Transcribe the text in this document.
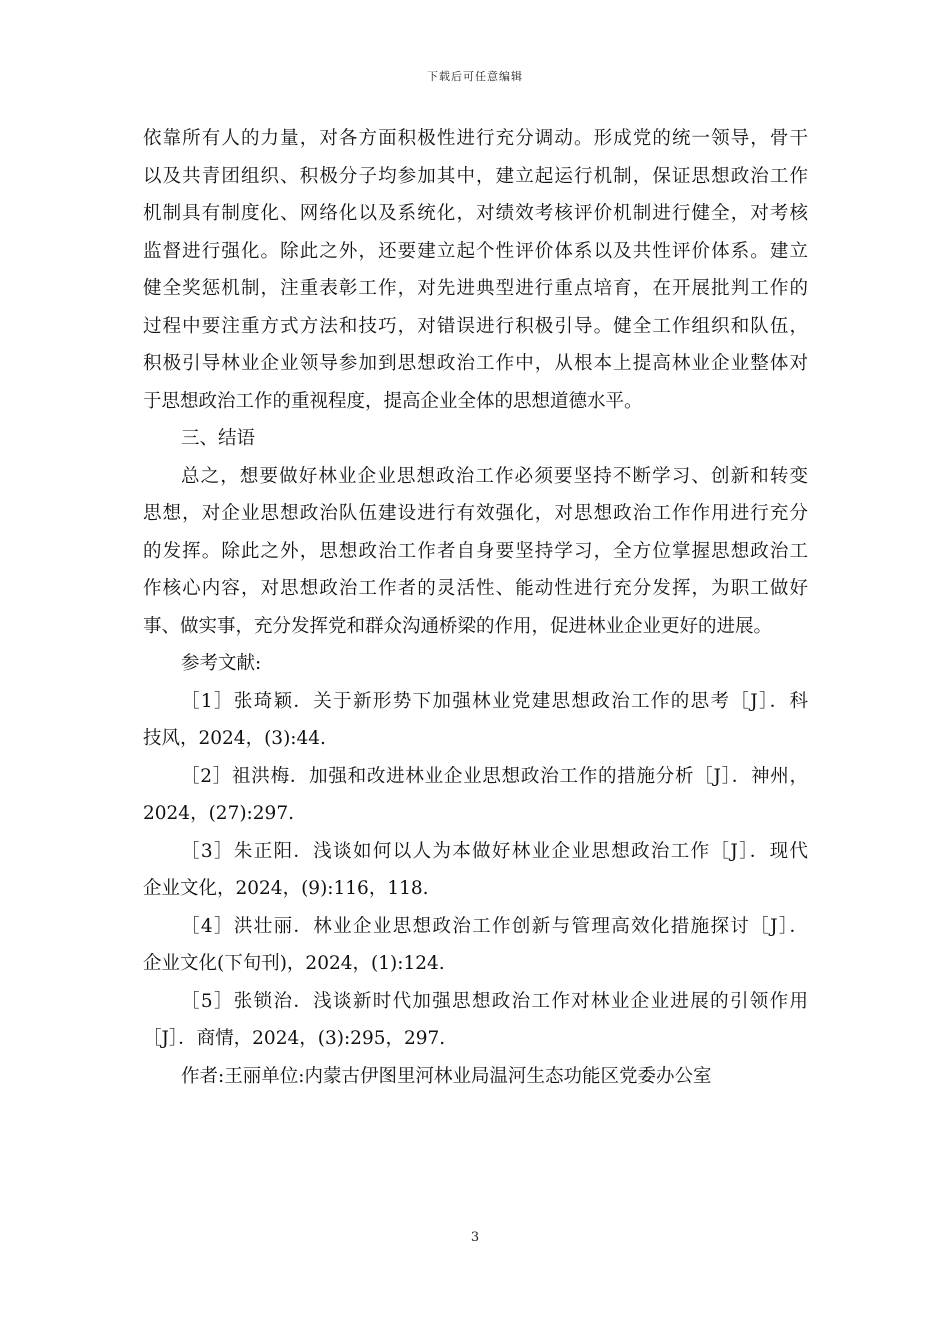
下载后可任意编辑
依靠所有人的力量，对各方面积极性进行充分调动。形成党的统一领导，骨干
以及共青团组织、积极分子均参加其中，建立起运行机制，保证思想政治工作
机制具有制度化、网络化以及系统化，对绩效考核评价机制进行健全，对考核
监督进行强化。除此之外，还要建立起个性评价体系以及共性评价体系。建立
健全奖惩机制，注重表彰工作，对先进典型进行重点培育，在开展批判工作的
过程中要注重方式方法和技巧，对错误进行积极引导。健全工作组织和队伍，
积极引导林业企业领导参加到思想政治工作中，从根本上提高林业企业整体对
于思想政治工作的重视程度，提高企业全体的思想道德水平。
三、结语
总之，想要做好林业企业思想政治工作必须要坚持不断学习、创新和转变
思想，对企业思想政治队伍建设进行有效强化，对思想政治工作作用进行充分
的发挥。除此之外，思想政治工作者自身要坚持学习，全方位掌握思想政治工
作核心内容，对思想政治工作者的灵活性、能动性进行充分发挥，为职工做好
事、做实事，充分发挥党和群众沟通桥梁的作用，促进林业企业更好的进展。
参考文献:
［1］张琦颖．关于新形势下加强林业党建思想政治工作的思考［J］．科
技风，2024，(3):44.
［2］祖洪梅．加强和改进林业企业思想政治工作的措施分析［J］．神州，
2024，(27):297.
［3］朱正阳．浅谈如何以人为本做好林业企业思想政治工作［J］．现代
企业文化，2024，(9):116，118.
［4］洪壮丽．林业企业思想政治工作创新与管理高效化措施探讨［J］．
企业文化(下旬刊)，2024，(1):124.
［5］张锁治．浅谈新时代加强思想政治工作对林业企业进展的引领作用
［J］．商情，2024，(3):295，297.
作者:王丽单位:内蒙古伊图里河林业局温河生态功能区党委办公室
3
